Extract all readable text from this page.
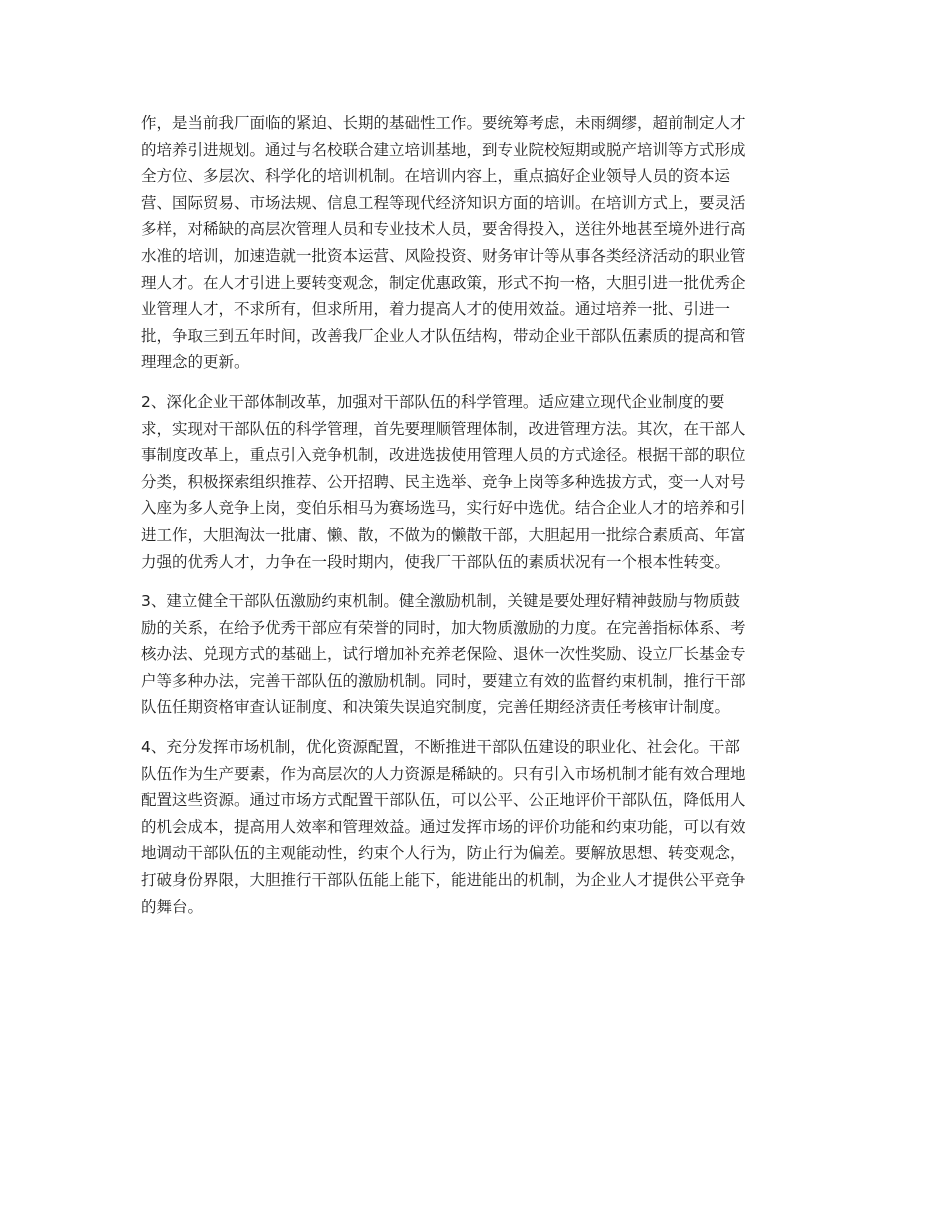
作，是当前我厂面临的紧迫、长期的基础性工作。要统筹考虑，未雨绸缪，超前制定人才
的培养引进规划。通过与名校联合建立培训基地，到专业院校短期或脱产培训等方式形成
全方位、多层次、科学化的培训机制。在培训内容上，重点搞好企业领导人员的资本运
营、国际贸易、市场法规、信息工程等现代经济知识方面的培训。在培训方式上，要灵活
多样，对稀缺的高层次管理人员和专业技术人员，要舍得投入，送往外地甚至境外进行高
水准的培训，加速造就一批资本运营、风险投资、财务审计等从事各类经济活动的职业管
理人才。在人才引进上要转变观念，制定优惠政策，形式不拘一格，大胆引进一批优秀企
业管理人才，不求所有，但求所用，着力提高人才的使用效益。通过培养一批、引进一
批，争取三到五年时间，改善我厂企业人才队伍结构，带动企业干部队伍素质的提高和管
理理念的更新。

2、深化企业干部体制改革，加强对干部队伍的科学管理。适应建立现代企业制度的要
求，实现对干部队伍的科学管理，首先要理顺管理体制，改进管理方法。其次，在干部人
事制度改革上，重点引入竞争机制，改进选拔使用管理人员的方式途径。根据干部的职位
分类，积极探索组织推荐、公开招聘、民主选举、竞争上岗等多种选拔方式，变一人对号
入座为多人竞争上岗，变伯乐相马为赛场选马，实行好中选优。结合企业人才的培养和引
进工作，大胆淘汰一批庸、懒、散，不做为的懒散干部，大胆起用一批综合素质高、年富
力强的优秀人才，力争在一段时期内，使我厂干部队伍的素质状况有一个根本性转变。

3、建立健全干部队伍激励约束机制。健全激励机制，关键是要处理好精神鼓励与物质鼓
励的关系，在给予优秀干部应有荣誉的同时，加大物质激励的力度。在完善指标体系、考
核办法、兑现方式的基础上，试行增加补充养老保险、退休一次性奖励、设立厂长基金专
户等多种办法，完善干部队伍的激励机制。同时，要建立有效的监督约束机制，推行干部
队伍任期资格审查认证制度、和决策失误追究制度，完善任期经济责任考核审计制度。

4、充分发挥市场机制，优化资源配置，不断推进干部队伍建设的职业化、社会化。干部
队伍作为生产要素，作为高层次的人力资源是稀缺的。只有引入市场机制才能有效合理地
配置这些资源。通过市场方式配置干部队伍，可以公平、公正地评价干部队伍，降低用人
的机会成本，提高用人效率和管理效益。通过发挥市场的评价功能和约束功能，可以有效
地调动干部队伍的主观能动性，约束个人行为，防止行为偏差。要解放思想、转变观念，
打破身份界限，大胆推行干部队伍能上能下，能进能出的机制，为企业人才提供公平竞争
的舞台。
